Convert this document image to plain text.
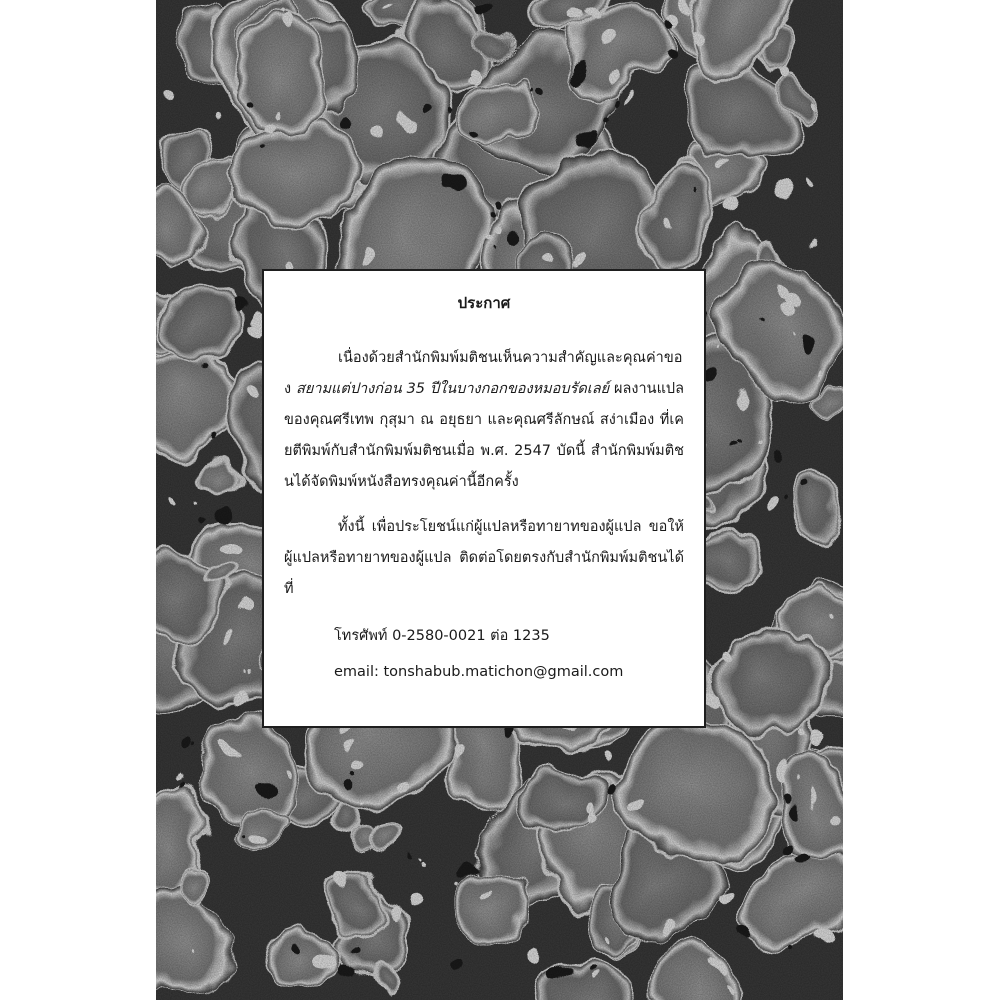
ประกาศ

เนื่องด้วยสำนักพิมพ์มติชนเห็นความสำคัญและคุณค่าของ สยามแต่ปางก่อน 35 ปีในบางกอกของหมอบรัดเลย์ ผลงานแปลของคุณศรีเทพ กุสุมา ณ อยุธยา และคุณศรีลักษณ์ สง่าเมือง ที่เคยตีพิมพ์กับสำนักพิมพ์มติชนเมื่อ พ.ศ. 2547 บัดนี้ สำนักพิมพ์มติชนได้จัดพิมพ์หนังสือทรงคุณค่านี้อีกครั้ง

ทั้งนี้ เพื่อประโยชน์แก่ผู้แปลหรือทายาทของผู้แปล ขอให้ผู้แปลหรือทายาทของผู้แปล ติดต่อโดยตรงกับสำนักพิมพ์มติชนได้ที่

โทรศัพท์ 0-2580-0021 ต่อ 1235

email: tonshabub.matichon@gmail.com
